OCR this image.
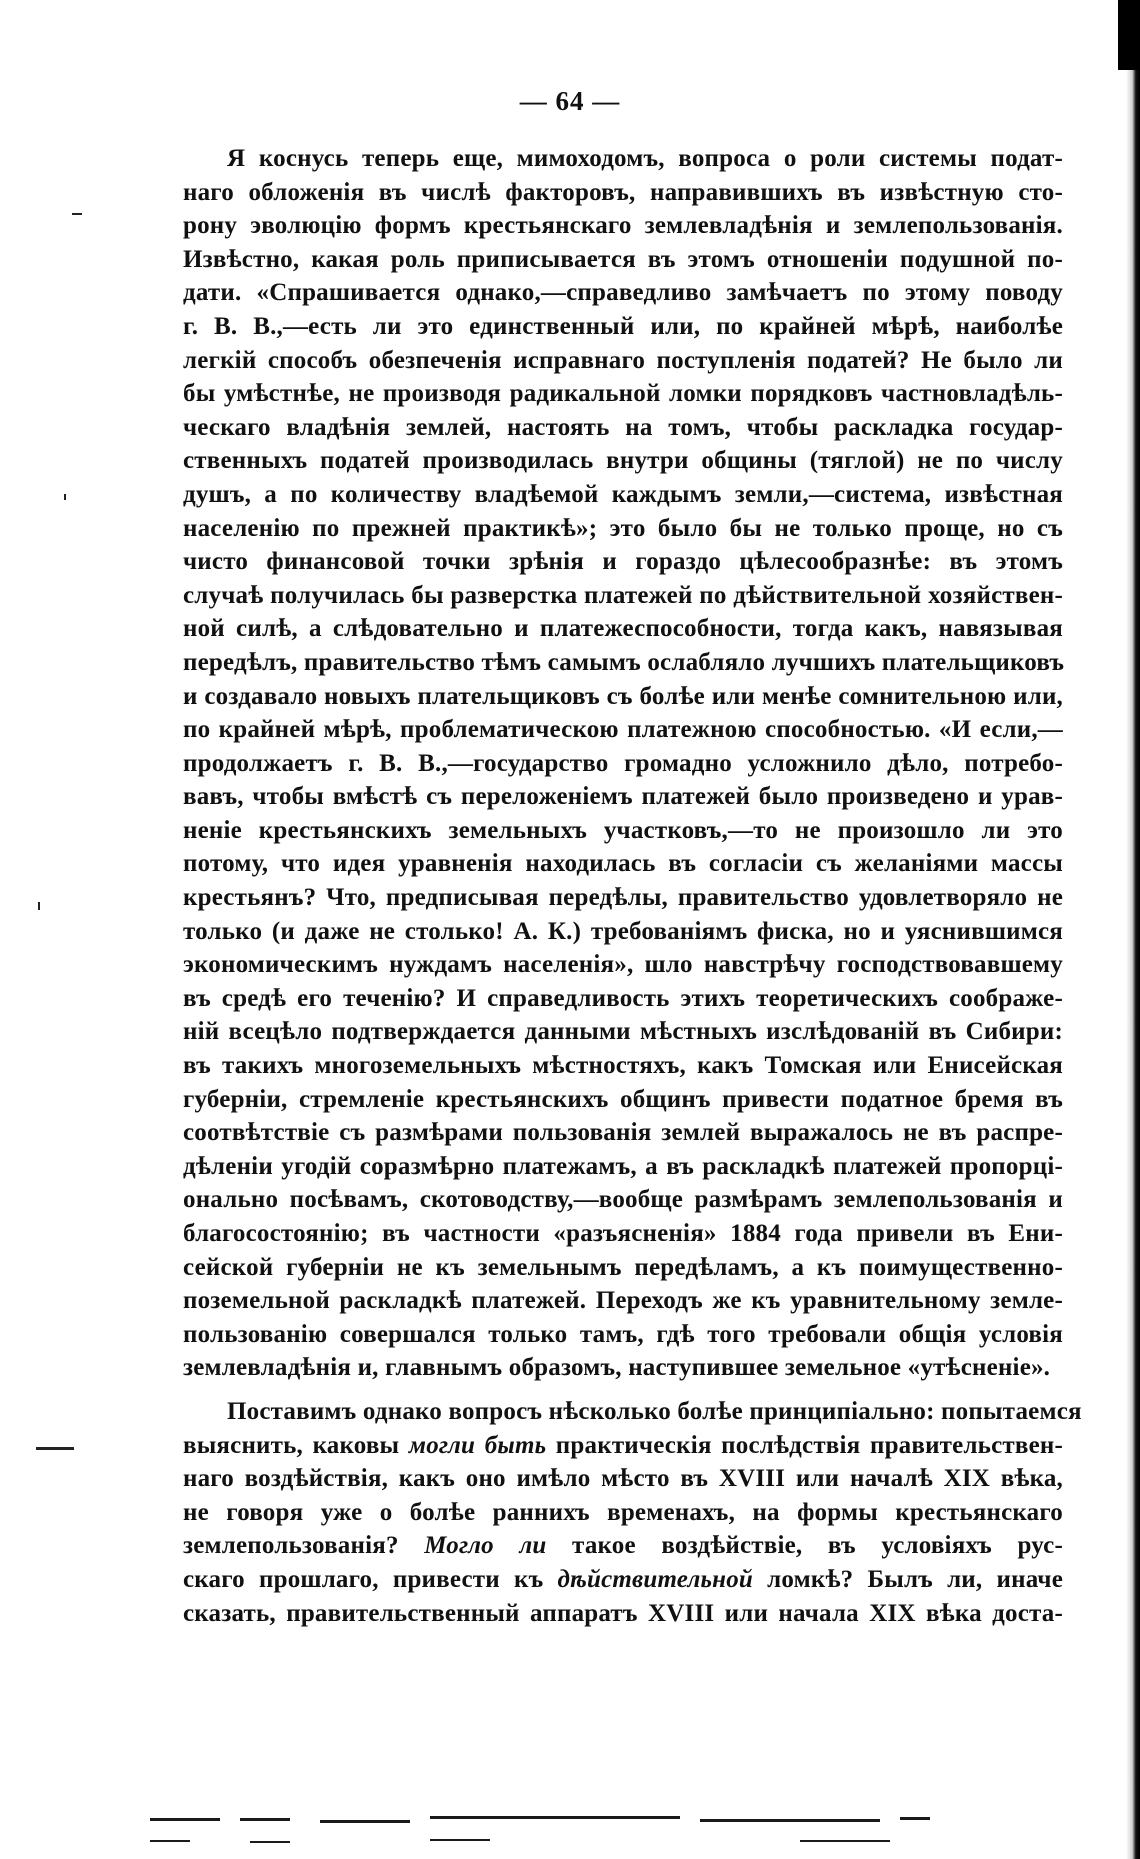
— 64 —
Я коснусь теперь еще, мимоходомъ, вопроса о роли системы подат-
наго обложенія въ числѣ факторовъ, направившихъ въ извѣстную сто-
рону эволюцію формъ крестьянскаго землевладѣнія и землепользованія.
Извѣстно, какая роль приписывается въ этомъ отношеніи подушной по-
дати. «Спрашивается однако,—справедливо замѣчаетъ по этому поводу
г. В. В.,—есть ли это единственный или, по крайней мѣрѣ, наиболѣе
легкій способъ обезпеченія исправнаго поступленія податей? Не было ли
бы умѣстнѣе, не производя радикальной ломки порядковъ частновладѣль-
ческаго владѣнія землей, настоять на томъ, чтобы раскладка государ-
ственныхъ податей производилась внутри общины (тяглой) не по числу
душъ, а по количеству владѣемой каждымъ земли,—система, извѣстная
населенію по прежней практикѣ»; это было бы не только проще, но съ
чисто финансовой точки зрѣнія и гораздо цѣлесообразнѣе: въ этомъ
случаѣ получилась бы разверстка платежей по дѣйствительной хозяйствен-
ной силѣ, а слѣдовательно и платежеспособности, тогда какъ, навязывая
передѣлъ, правительство тѣмъ самымъ ослабляло лучшихъ плательщиковъ
и создавало новыхъ плательщиковъ съ болѣе или менѣе сомнительною или,
по крайней мѣрѣ, проблематическою платежною способностью. «И если,—
продолжаетъ г. В. В.,—государство громадно усложнило дѣло, потребо-
вавъ, чтобы вмѣстѣ съ переложеніемъ платежей было произведено и урав-
неніе крестьянскихъ земельныхъ участковъ,—то не произошло ли это
потому, что идея уравненія находилась въ согласіи съ желаніями массы
крестьянъ? Что, предписывая передѣлы, правительство удовлетворяло не
только (и даже не столько! А. К.) требованіямъ фиска, но и уяснившимся
экономическимъ нуждамъ населенія», шло навстрѣчу господствовавшему
въ средѣ его теченію? И справедливость этихъ теоретическихъ соображе-
ній всецѣло подтверждается данными мѣстныхъ изслѣдованій въ Сибири:
въ такихъ многоземельныхъ мѣстностяхъ, какъ Томская или Енисейская
губерніи, стремленіе крестьянскихъ общинъ привести податное бремя въ
соотвѣтствіе съ размѣрами пользованія землей выражалось не въ распре-
дѣленіи угодій соразмѣрно платежамъ, а въ раскладкѣ платежей пропорці-
онально посѣвамъ, скотоводству,—вообще размѣрамъ землепользованія и
благосостоянію; въ частности «разъясненія» 1884 года привели въ Ени-
сейской губерніи не къ земельнымъ передѣламъ, а къ поимущественно-
поземельной раскладкѣ платежей. Переходъ же къ уравнительному земле-
пользованію совершался только тамъ, гдѣ того требовали общія условія
землевладѣнія и, главнымъ образомъ, наступившее земельное «утѣсненіе».
Поставимъ однако вопросъ нѣсколько болѣе принципіально: попытаемся
выяснить, каковы могли быть практическія послѣдствія правительствен-
наго воздѣйствія, какъ оно имѣло мѣсто въ XVIII или началѣ XIX вѣка,
не говоря уже о болѣе раннихъ временахъ, на формы крестьянскаго
землепользованія? Могло ли такое воздѣйствіе, въ условіяхъ рус-
скаго прошлаго, привести къ дѣйствительной ломкѣ? Былъ ли, иначе
сказать, правительственный аппаратъ XVIII или начала XIX вѣка доста-
